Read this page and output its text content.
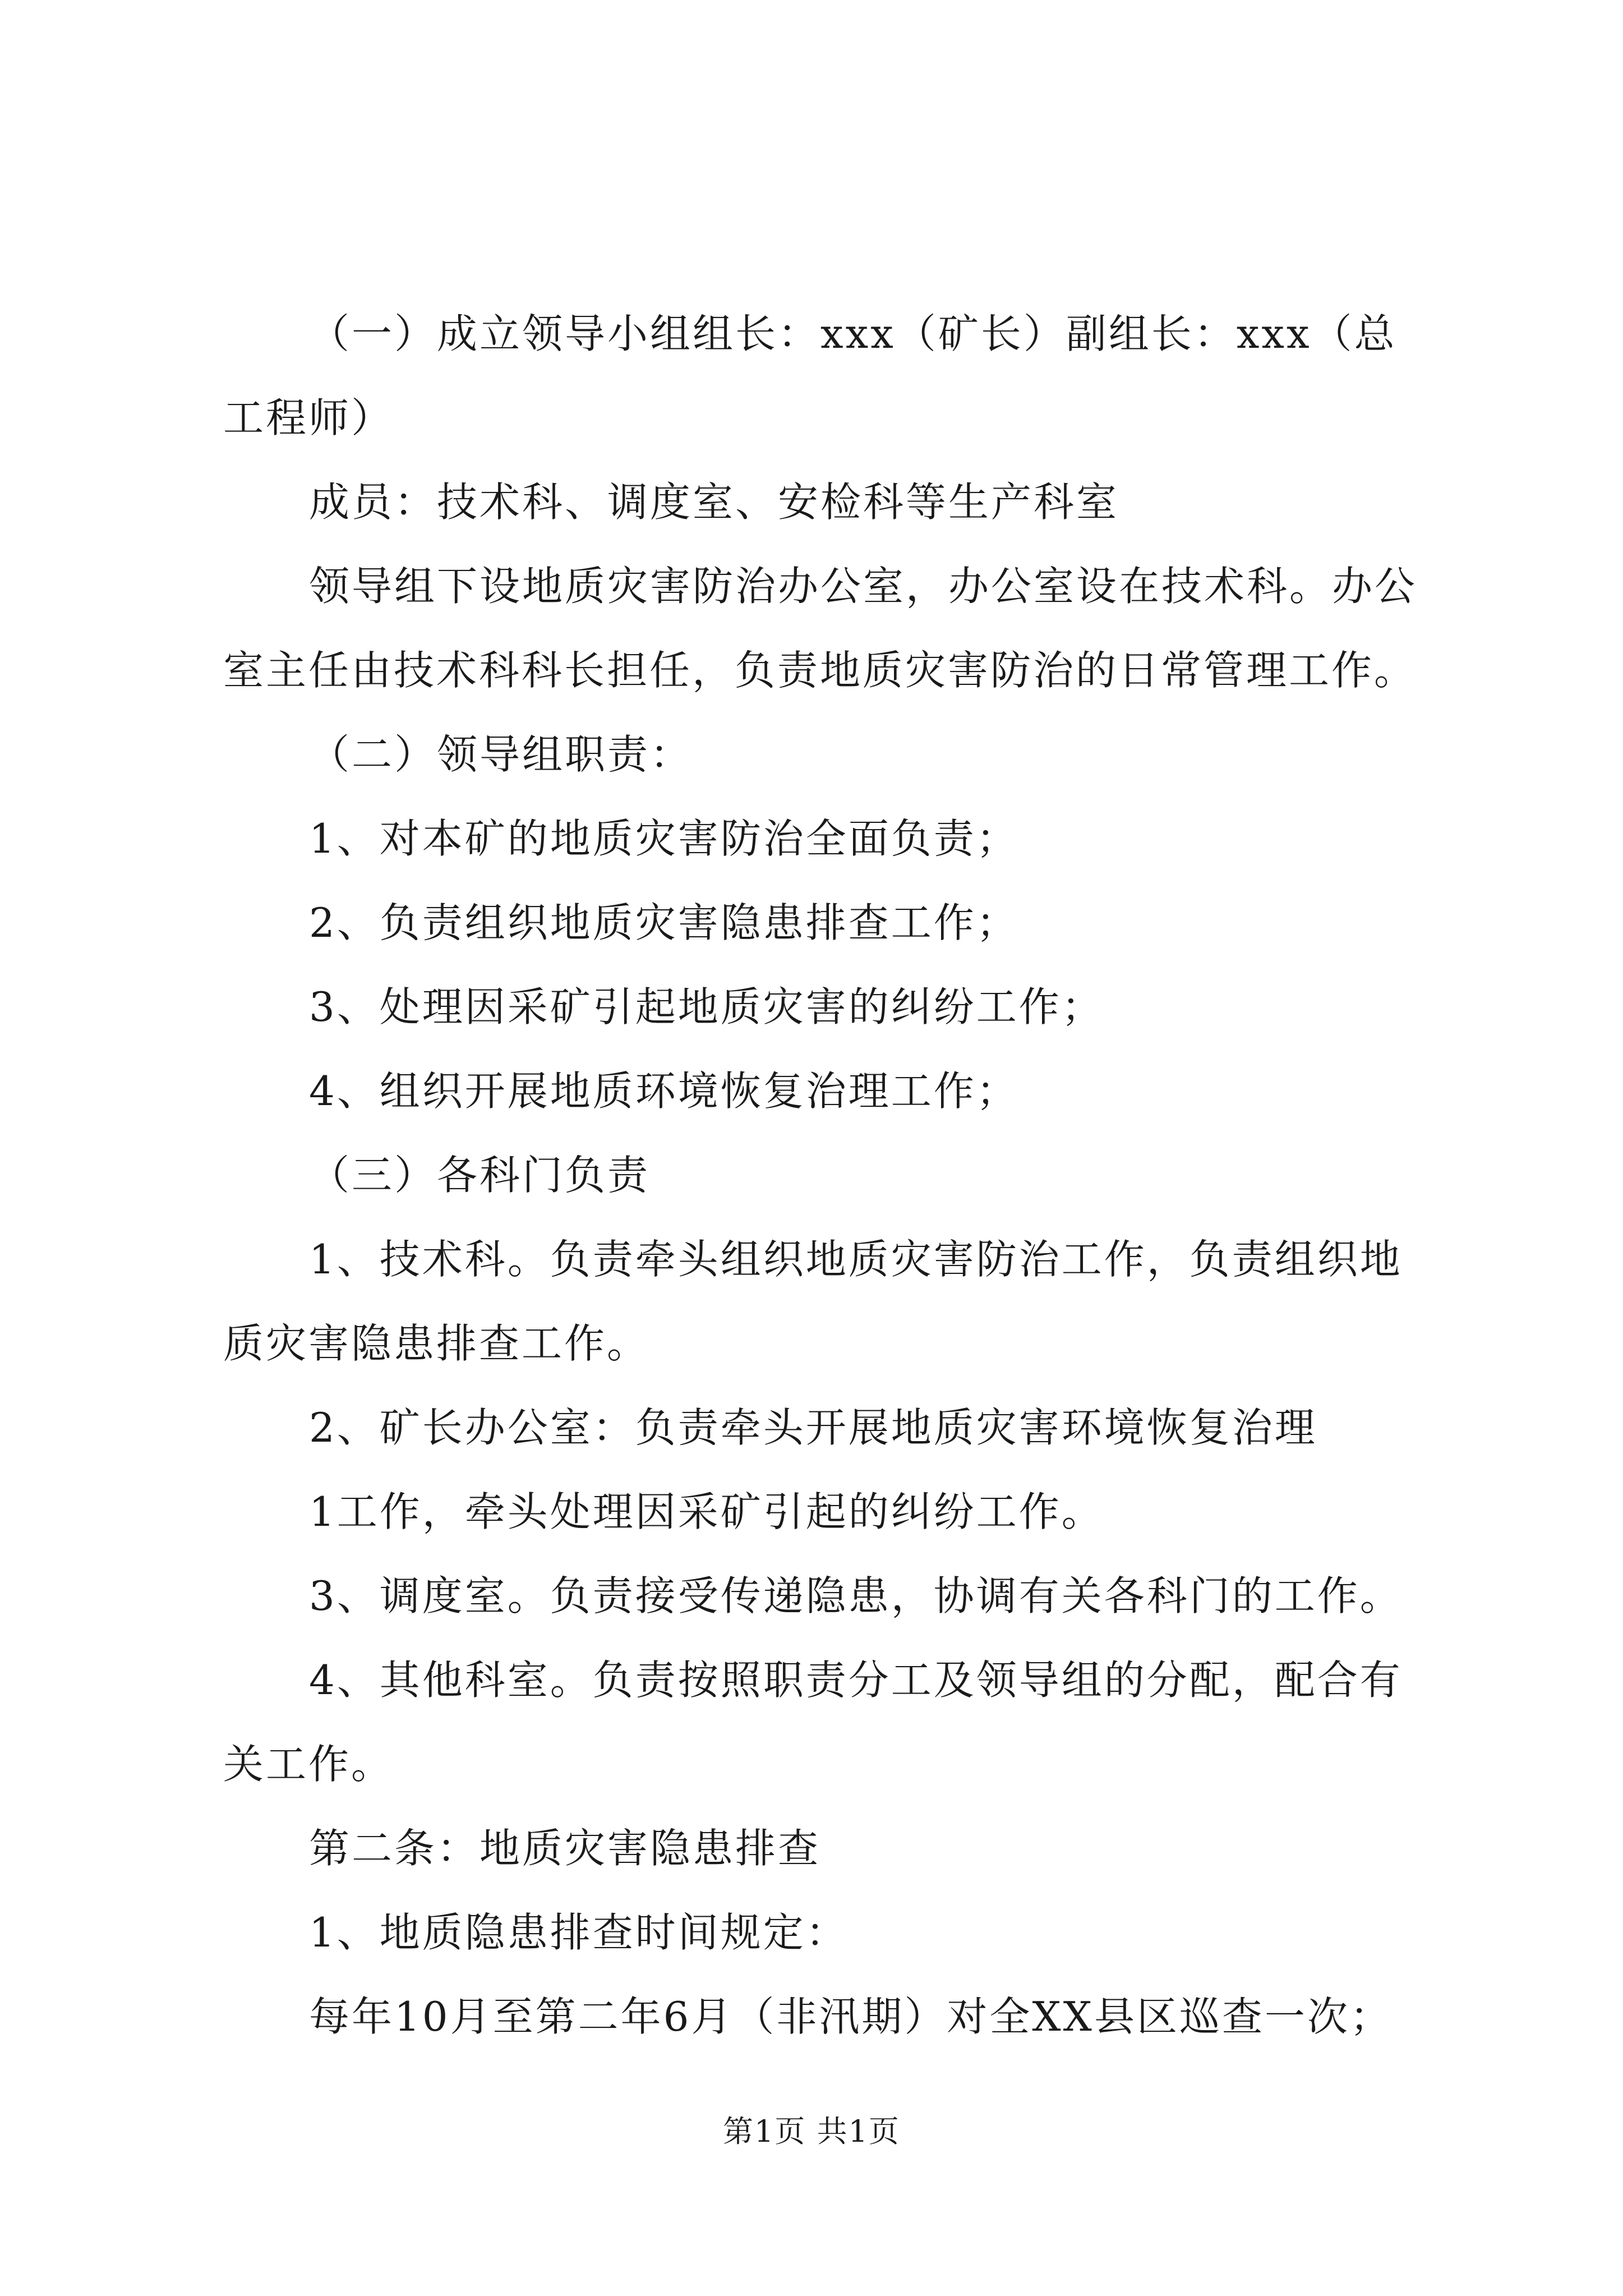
（一）成立领导小组组长：xxx（矿长）副组长：xxx（总工程师）

成员：技术科、调度室、安检科等生产科室

领导组下设地质灾害防治办公室，办公室设在技术科。办公室主任由技术科科长担任，负责地质灾害防治的日常管理工作。

（二）领导组职责：

1、对本矿的地质灾害防治全面负责；

2、负责组织地质灾害隐患排查工作；

3、处理因采矿引起地质灾害的纠纷工作；

4、组织开展地质环境恢复治理工作；

（三）各科门负责

1、技术科。负责牵头组织地质灾害防治工作，负责组织地质灾害隐患排查工作。

2、矿长办公室：负责牵头开展地质灾害环境恢复治理

1工作，牵头处理因采矿引起的纠纷工作。

3、调度室。负责接受传递隐患，协调有关各科门的工作。

4、其他科室。负责按照职责分工及领导组的分配，配合有关工作。

第二条：地质灾害隐患排查

1、地质隐患排查时间规定：

每年10月至第二年6月（非汛期）对全XX县区巡查一次；

第1页 共1页
